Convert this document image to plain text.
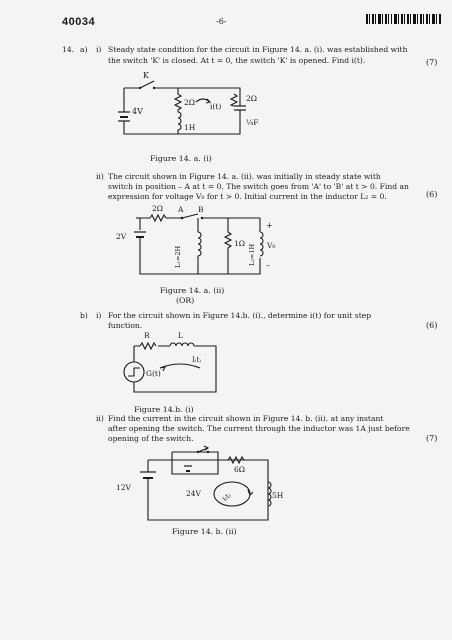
40034	-6-
14. a) i) Steady state condition for the circuit in Figure 14. a. (i). was established with
the switch 'K' is closed. At t = 0, the switch 'K' is opened. Find i(t).	(7)
K
4V
2Ω
1H
i(t)
2Ω
¼F
Figure 14. a. (i)
ii) The circuit shown in Figure 14. a. (ii). was initially in steady state with
switch in position – A at t = 0. The switch goes from 'A' to 'B' at t > 0. Find an
expression for voltage V₀ for t > 0. Initial current in the inductor L₂ = 0.	(6)
2Ω A B
2V
L₁=2H
1Ω
L₂=1H
+
V₀
–
Figure 14. a. (ii)
(OR)
b) i) For the circuit shown in Figure 14.b. (i)., determine i(t) for unit step
function.	(6)
R	L
G(t)
I₍t₎
Figure 14.b. (i)
ii) Find the current in the circuit shown in Figure 14. b. (ii). at any instant
after opening the switch. The current through the inductor was 1A just before
opening of the switch.	(7)
12V
24V
6Ω
5H
i₍t₎
Figure 14. b. (ii)
